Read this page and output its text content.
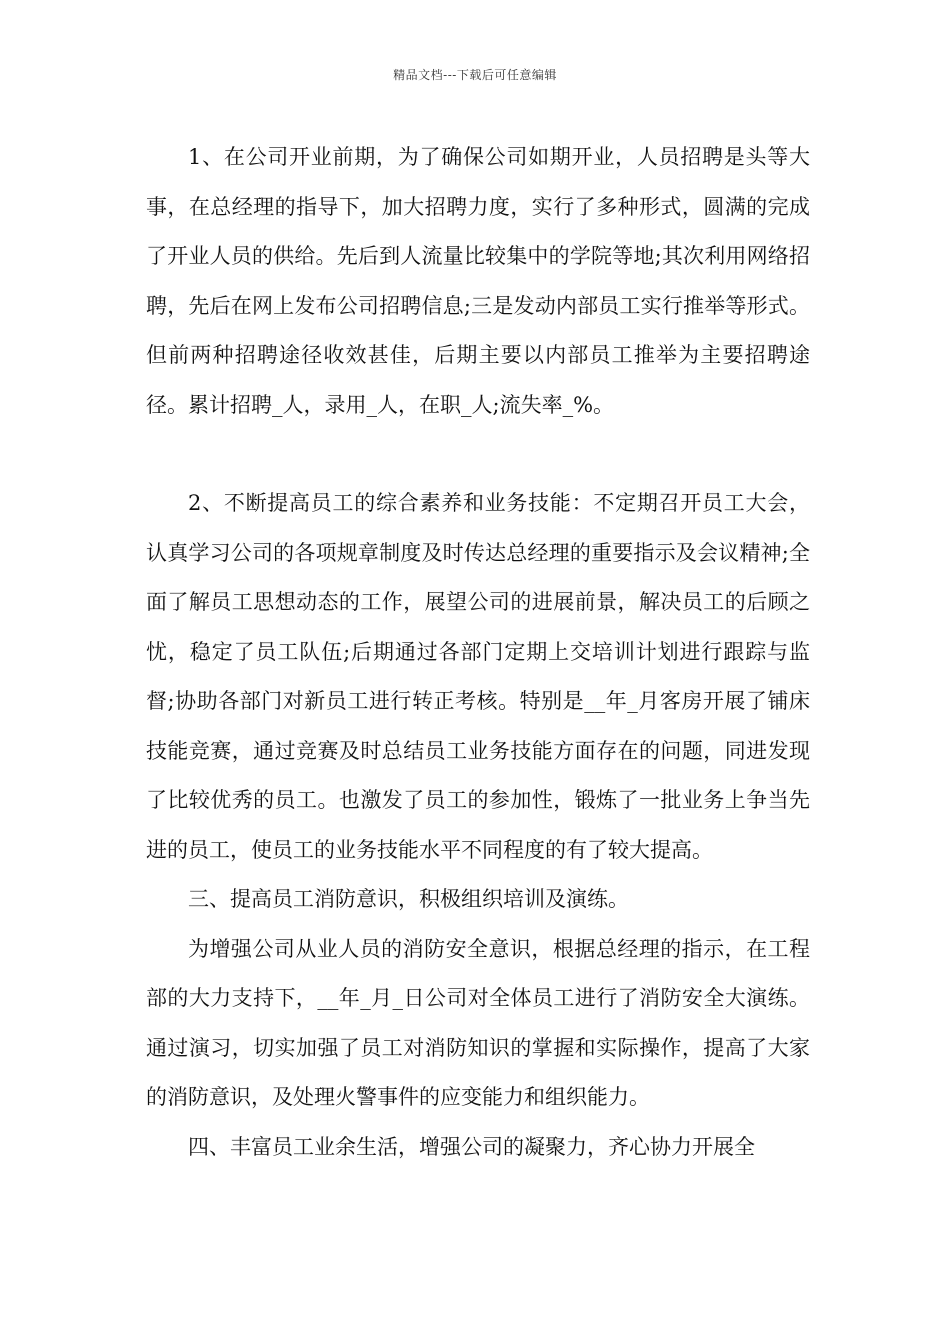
精品文档---下载后可任意编辑

1、在公司开业前期，为了确保公司如期开业，人员招聘是头等大事，在总经理的指导下，加大招聘力度，实行了多种形式，圆满的完成了开业人员的供给。先后到人流量比较集中的学院等地;其次利用网络招聘，先后在网上发布公司招聘信息;三是发动内部员工实行推举等形式。但前两种招聘途径收效甚佳，后期主要以内部员工推举为主要招聘途径。累计招聘_人，录用_人，在职_人;流失率_%。

2、不断提高员工的综合素养和业务技能：不定期召开员工大会，认真学习公司的各项规章制度及时传达总经理的重要指示及会议精神;全面了解员工思想动态的工作，展望公司的进展前景，解决员工的后顾之忧，稳定了员工队伍;后期通过各部门定期上交培训计划进行跟踪与监督;协助各部门对新员工进行转正考核。特别是__年_月客房开展了铺床技能竞赛，通过竞赛及时总结员工业务技能方面存在的问题，同进发现了比较优秀的员工。也激发了员工的参加性，锻炼了一批业务上争当先进的员工，使员工的业务技能水平不同程度的有了较大提高。

三、提高员工消防意识，积极组织培训及演练。

为增强公司从业人员的消防安全意识，根据总经理的指示，在工程部的大力支持下，__年_月_日公司对全体员工进行了消防安全大演练。通过演习，切实加强了员工对消防知识的掌握和实际操作，提高了大家的消防意识，及处理火警事件的应变能力和组织能力。

四、丰富员工业余生活，增强公司的凝聚力，齐心协力开展全
